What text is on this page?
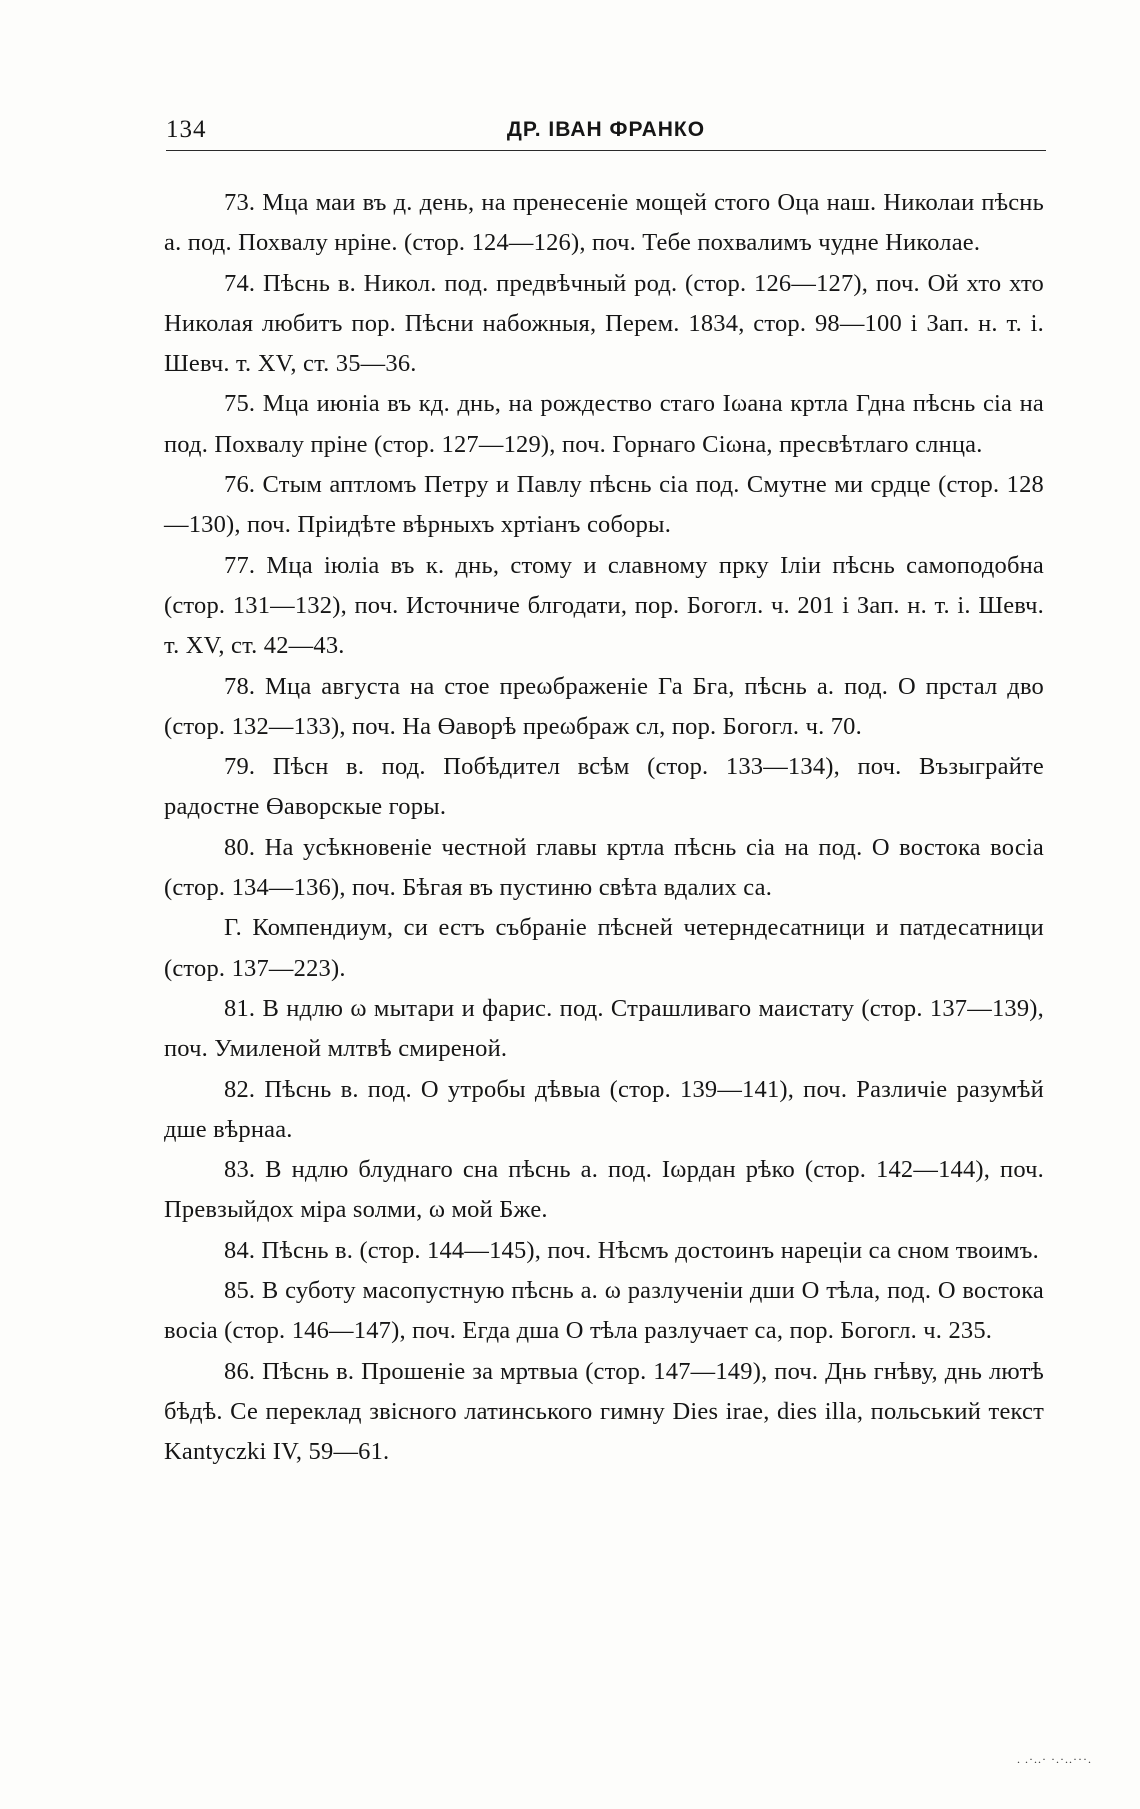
134	ДР. ІВАН ФРАНКО

73. Мца маи въ д. день, на пренесеніе мощей стого Оца наш. Николаи пѣснь а. под. Похвалу нріне. (стор. 124—126), поч. Тебе похвалимъ чудне Николае.

74. Пѣснь в. Никол. под. предвѣчный род. (стор. 126—127), поч. Ой хто хто Николая любитъ пор. Пѣсни набожныя, Перем. 1834, стор. 98—100 і Зап. н. т. і. Шевч. т. XV, ст. 35—36.

75. Мца июніа въ кд. днь, на рождество стаго Іωана кртла Гдна пѣснь сіа на под. Похвалу пріне (стор. 127—129), поч. Горнаго Сіωна, пресвѣтлаго слнца.

76. Стым аптломъ Петру и Павлу пѣснь сіа под. Смутне ми срдце (стор. 128—130), поч. Пріидѣте вѣрныхъ хртіанъ соборы.

77. Мца іюліа въ к. днь, стому и славному прку Іліи пѣснь самоподобна (стор. 131—132), поч. Источниче блгодати, пор. Богогл. ч. 201 і Зап. н. т. і. Шевч. т. XV, ст. 42—43.

78. Мца августа на стое преωбраженіе Га Бга, пѣснь а. под. О прстал дво (стор. 132—133), поч. На Өаворѣ преωбраж сл, пор. Богогл. ч. 70.

79. Пѣсн в. под. Побѣдител всѣм (стор. 133—134), поч. Възыграйте радостне Өаворскые горы.

80. На усѣкновеніе честной главы кртла пѣснь сіа на под. О востока восіа (стор. 134—136), поч. Бѣгая въ пустиню свѣта вдалих са.

Г. Компендиум, си естъ събраніе пѣсней четерндесатници и патдесатници (стор. 137—223).

81. В ндлю ω мытари и фарис. под. Страшливаго маистату (стор. 137—139), поч. Умиленой млтвѣ смиреной.

82. Пѣснь в. под. О утробы дѣвыа (стор. 139—141), поч. Различіе разумѣй дше вѣрнаа.

83. В ндлю блуднаго сна пѣснь а. под. Іωрдан рѣко (стор. 142—144), поч. Превзыйдох міра sолми, ω мой Бже.

84. Пѣснь в. (стор. 144—145), поч. Нѣсмъ достоинъ нареціи са сном твоимъ.

85. В суботу масопустную пѣснь а. ω разлученіи дши О тѣла, под. О востока восіа (стор. 146—147), поч. Егда дша О тѣла разлучает са, пор. Богогл. ч. 235.

86. Пѣснь в. Прошеніе за мртвыа (стор. 147—149), поч. Днь гнѣву, днь лютѣ бѣдѣ. Се переклад звісного латинського гимну Dies irae, dies illa, польський текст Kantyczki IV, 59—61.

. .·..· ·.·..···.
